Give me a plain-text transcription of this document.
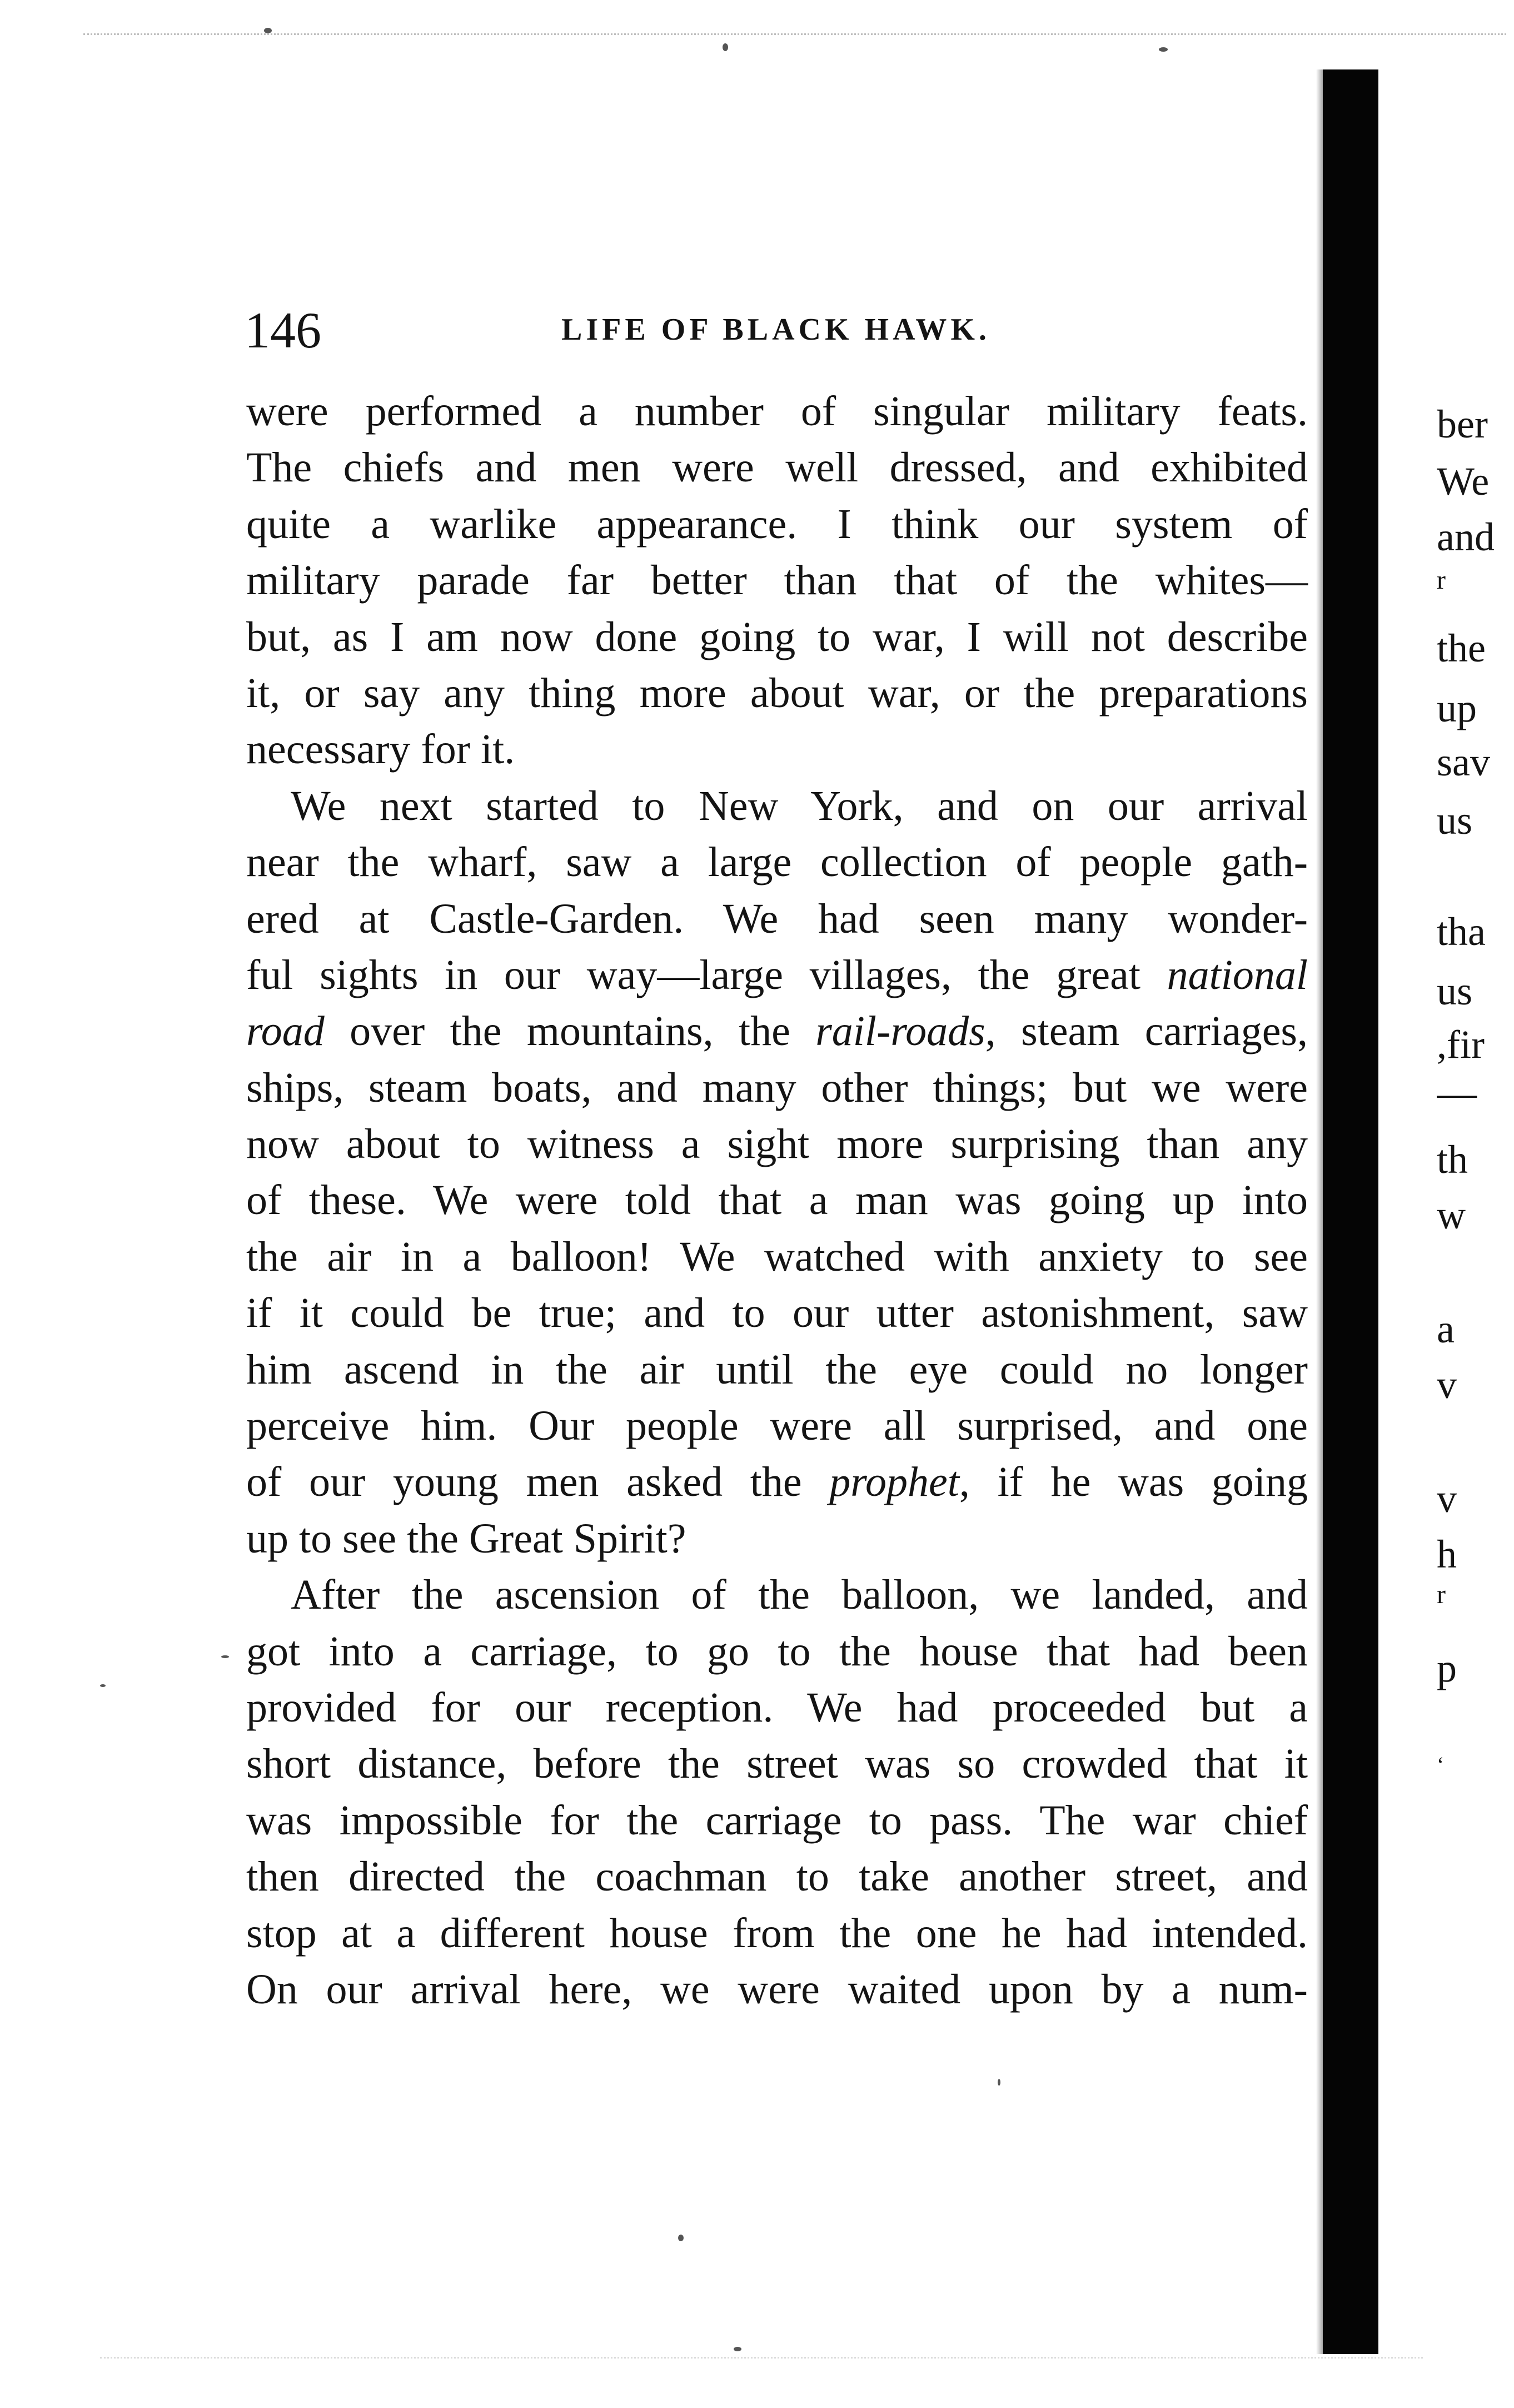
146	LIFE OF BLACK HAWK.

were performed a number of singular military feats.
The chiefs and men were well dressed, and exhibited
quite a warlike appearance. I think our system of
military parade far better than that of the whites—
but, as I am now done going to war, I will not describe
it, or say any thing more about war, or the preparations
necessary for it.

We next started to New York, and on our arrival
near the wharf, saw a large collection of people gath-
ered at Castle-Garden. We had seen many wonder-
ful sights in our way—large villages, the great national
road over the mountains, the rail-roads, steam carriages,
ships, steam boats, and many other things; but we were
now about to witness a sight more surprising than any
of these. We were told that a man was going up into
the air in a balloon! We watched with anxiety to see
if it could be true; and to our utter astonishment, saw
him ascend in the air until the eye could no longer
perceive him. Our people were all surprised, and one
of our young men asked the prophet, if he was going
up to see the Great Spirit?

After the ascension of the balloon, we landed, and
got into a carriage, to go to the house that had been
provided for our reception. We had proceeded but a
short distance, before the street was so crowded that it
was impossible for the carriage to pass. The war chief
then directed the coachman to take another street, and
stop at a different house from the one he had intended.
On our arrival here, we were waited upon by a num-

ber
We
and
r
the
up
sav
us
tha
us
,fir
—
th
w
a
v
v
h
r
p
‘
